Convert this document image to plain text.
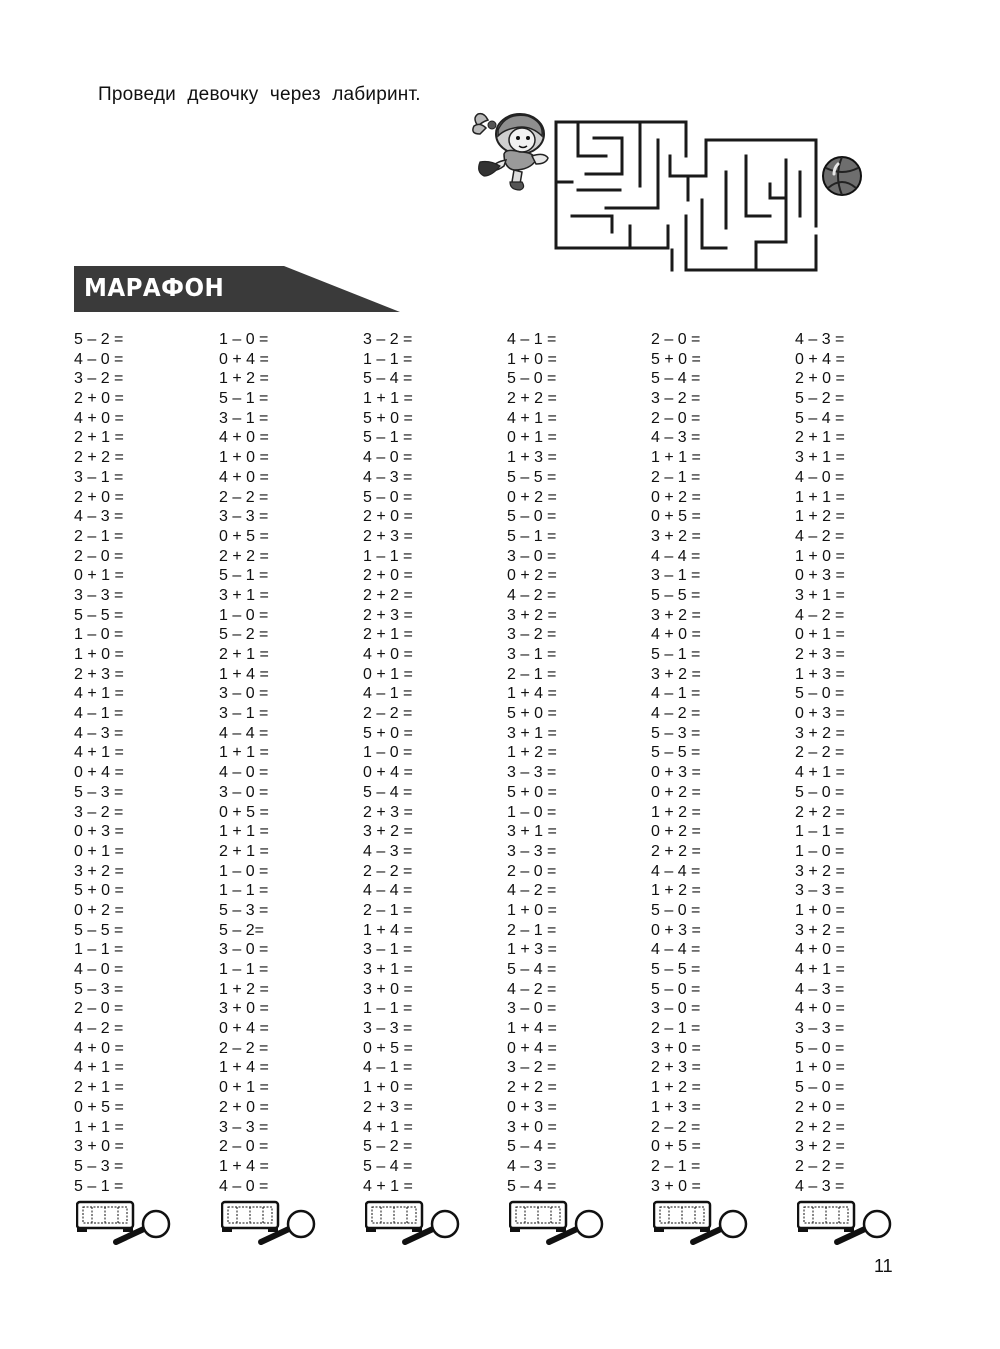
Проведи девочку через лабиринт.
МАРАФОН
5 – 2 =
4 – 0 =
3 – 2 =
2 + 0 =
4 + 0 =
2 + 1 =
2 + 2 =
3 – 1 =
2 + 0 =
4 – 3 =
2 – 1 =
2 – 0 =
0 + 1 =
3 – 3 =
5 – 5 =
1 – 0 =
1 + 0 =
2 + 3 =
4 + 1 =
4 – 1 =
4 – 3 =
4 + 1 =
0 + 4 =
5 – 3 =
3 – 2 =
0 + 3 =
0 + 1 =
3 + 2 =
5 + 0 =
0 + 2 =
5 – 5 =
1 – 1 =
4 – 0 =
5 – 3 =
2 – 0 =
4 – 2 =
4 + 0 =
4 + 1 =
2 + 1 =
0 + 5 =
1 + 1 =
3 + 0 =
5 – 3 =
5 – 1 =
1 – 0 =
0 + 4 =
1 + 2 =
5 – 1 =
3 – 1 =
4 + 0 =
1 + 0 =
4 + 0 =
2 – 2 =
3 – 3 =
0 + 5 =
2 + 2 =
5 – 1 =
3 + 1 =
1 – 0 =
5 – 2 =
2 + 1 =
1 + 4 =
3 – 0 =
3 – 1 =
4 – 4 =
1 + 1 =
4 – 0 =
3 – 0 =
0 + 5 =
1 + 1 =
2 + 1 =
1 – 0 =
1 – 1 =
5 – 3 =
5 – 2=
3 – 0 =
1 – 1 =
1 + 2 =
3 + 0 =
0 + 4 =
2 – 2 =
1 + 4 =
0 + 1 =
2 + 0 =
3 – 3 =
2 – 0 =
1 + 4 =
4 – 0 =
3 – 2 =
1 – 1 =
5 – 4 =
1 + 1 =
5 + 0 =
5 – 1 =
4 – 0 =
4 – 3 =
5 – 0 =
2 + 0 =
2 + 3 =
1 – 1 =
2 + 0 =
2 + 2 =
2 + 3 =
2 + 1 =
4 + 0 =
0 + 1 =
4 – 1 =
2 – 2 =
5 + 0 =
1 – 0 =
0 + 4 =
5 – 4 =
2 + 3 =
3 + 2 =
4 – 3 =
2 – 2 =
4 – 4 =
2 – 1 =
1 + 4 =
3 – 1 =
3 + 1 =
3 + 0 =
1 – 1 =
3 – 3 =
0 + 5 =
4 – 1 =
1 + 0 =
2 + 3 =
4 + 1 =
5 – 2 =
5 – 4 =
4 + 1 =
4 – 1 =
1 + 0 =
5 – 0 =
2 + 2 =
4 + 1 =
0 + 1 =
1 + 3 =
5 – 5 =
0 + 2 =
5 – 0 =
5 – 1 =
3 – 0 =
0 + 2 =
4 – 2 =
3 + 2 =
3 – 2 =
3 – 1 =
2 – 1 =
1 + 4 =
5 + 0 =
3 + 1 =
1 + 2 =
3 – 3 =
5 + 0 =
1 – 0 =
3 + 1 =
3 – 3 =
2 – 0 =
4 – 2 =
1 + 0 =
2 – 1 =
1 + 3 =
5 – 4 =
4 – 2 =
3 – 0 =
1 + 4 =
0 + 4 =
3 – 2 =
2 + 2 =
0 + 3 =
3 + 0 =
5 – 4 =
4 – 3 =
5 – 4 =
2 – 0 =
5 + 0 =
5 – 4 =
3 – 2 =
2 – 0 =
4 – 3 =
1 + 1 =
2 – 1 =
0 + 2 =
0 + 5 =
3 + 2 =
4 – 4 =
3 – 1 =
5 – 5 =
3 + 2 =
4 + 0 =
5 – 1 =
3 + 2 =
4 – 1 =
4 – 2 =
5 – 3 =
5 – 5 =
0 + 3 =
0 + 2 =
1 + 2 =
0 + 2 =
2 + 2 =
4 – 4 =
1 + 2 =
5 – 0 =
0 + 3 =
4 – 4 =
5 – 5 =
5 – 0 =
3 – 0 =
2 – 1 =
3 + 0 =
2 + 3 =
1 + 2 =
1 + 3 =
2 – 2 =
0 + 5 =
2 – 1 =
3 + 0 =
4 – 3 =
0 + 4 =
2 + 0 =
5 – 2 =
5 – 4 =
2 + 1 =
3 + 1 =
4 – 0 =
1 + 1 =
1 + 2 =
4 – 2 =
1 + 0 =
0 + 3 =
3 + 1 =
4 – 2 =
0 + 1 =
2 + 3 =
1 + 3 =
5 – 0 =
0 + 3 =
3 + 2 =
2 – 2 =
4 + 1 =
5 – 0 =
2 + 2 =
1 – 1 =
1 – 0 =
3 + 2 =
3 – 3 =
1 + 0 =
3 + 2 =
4 + 0 =
4 + 1 =
4 – 3 =
4 + 0 =
3 – 3 =
5 – 0 =
1 + 0 =
5 – 0 =
2 + 0 =
2 + 2 =
3 + 2 =
2 – 2 =
4 – 3 =
11
